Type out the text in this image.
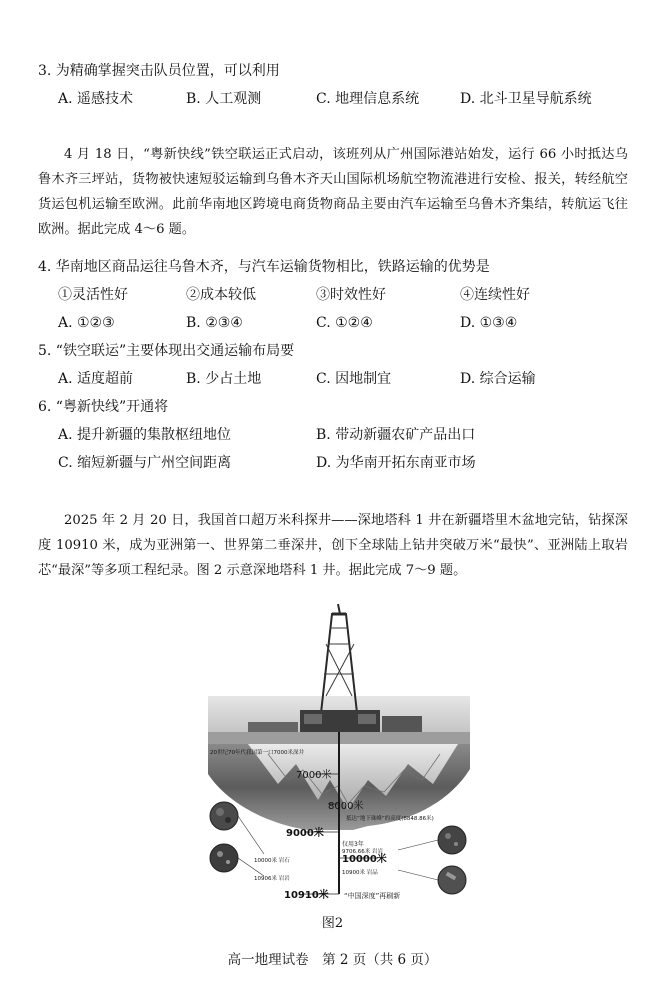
3. 为精确掌握突击队员位置，可以利用
A. 遥感技术	B. 人工观测	C. 地理信息系统	D. 北斗卫星导航系统
4 月 18 日，“粤新快线”铁空联运正式启动，该班列从广州国际港站始发，运行 66 小时抵达乌鲁木齐三坪站，货物被快速短驳运输到乌鲁木齐天山国际机场航空物流港进行安检、报关，转经航空货运包机运输至欧洲。此前华南地区跨境电商货物商品主要由汽车运输至乌鲁木齐集结，转航运飞往欧洲。据此完成 4～6 题。
4. 华南地区商品运往乌鲁木齐，与汽车运输货物相比，铁路运输的优势是
①灵活性好	②成本较低	③时效性好	④连续性好
A. ①②③	B. ②③④	C. ①②④	D. ①③④
5. “铁空联运”主要体现出交通运输布局要
A. 适度超前	B. 少占土地	C. 因地制宜	D. 综合运输
6. “粤新快线”开通将
A. 提升新疆的集散枢纽地位	B. 带动新疆农矿产品出口
C. 缩短新疆与广州空间距离	D. 为华南开拓东南亚市场
2025 年 2 月 20 日，我国首口超万米科探井——深地塔科 1 井在新疆塔里木盆地完钻，钻探深度 10910 米，成为亚洲第一、世界第二垂深井，创下全球陆上钻井突破万米“最快”、亚洲陆上取岩芯“最深”等多项工程纪录。图 2 示意深地塔科 1 井。据此完成 7～9 题。
7000米
8000米
9000米
10000米
10910米
20世纪70年代我国第一口7000米深井
抵达“地下珠峰”的高度(8848.86米)
仅用3年
9706.66米 岩岩
10000米 岩石
10900米 岩品
10906米 岩岩
“中国深度”再刷新
图2
高一地理试卷　第 2 页（共 6 页）
